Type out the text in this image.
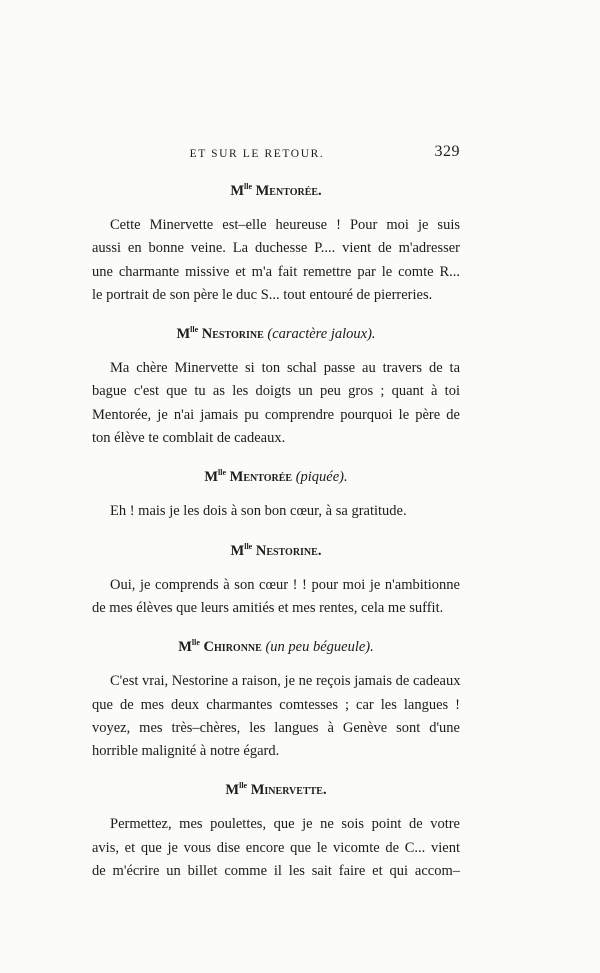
ET SUR LE RETOUR.	329
$M^{lle}$ Mentorée.
Cette Minervette est–elle heureuse ! Pour moi je suis
aussi en bonne veine. La duchesse P.... vient de m'adresser
une charmante missive et m'a fait remettre par le comte R...
le portrait de son père le duc S... tout entouré de pierreries.
$M^{lle}$ Nestorine (caractère jaloux).
Ma chère Minervette si ton schal passe au travers de ta
bague c'est que tu as les doigts un peu gros ; quant à toi
Mentorée, je n'ai jamais pu comprendre pourquoi le père de
ton élève te comblait de cadeaux.
$M^{lle}$ Mentorée (piquée).
Eh ! mais je les dois à son bon cœur, à sa gratitude.
$M^{lle}$ Nestorine.
Oui, je comprends à son cœur ! ! pour moi je n'ambitionne
de mes élèves que leurs amitiés et mes rentes, cela me suffit.
$M^{lle}$ Chironne (un peu bégueule).
C'est vrai, Nestorine a raison, je ne reçois jamais de cadeaux
que de mes deux charmantes comtesses ; car les langues !
voyez, mes très–chères, les langues à Genève sont d'une
horrible malignité à notre égard.
$M^{lle}$ Minervette.
Permettez, mes poulettes, que je ne sois point de votre
avis, et que je vous dise encore que le vicomte de C... vient
de m'écrire un billet comme il les sait faire et qui accom–
